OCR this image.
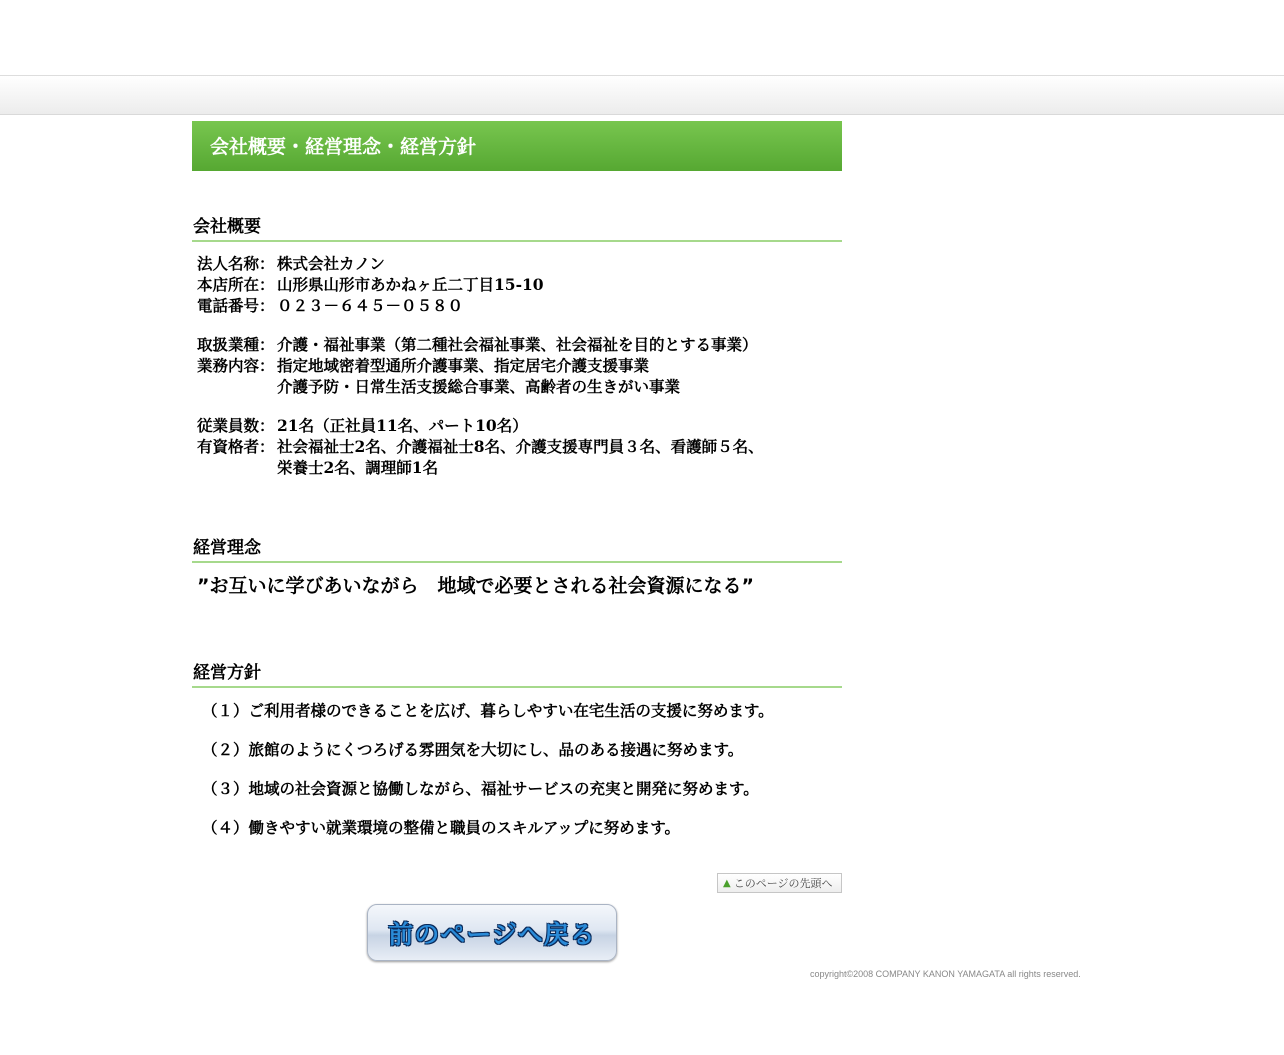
会社概要・経営理念・経営方針
会社概要
法人名称： 株式会社カノン
本店所在： 山形県山形市あかねヶ丘二丁目15-10
電話番号： ０２３－６４５－０５８０
取扱業種： 介護・福祉事業（第二種社会福祉事業、社会福祉を目的とする事業）
業務内容： 指定地域密着型通所介護事業、指定居宅介護支援事業
介護予防・日常生活支援総合事業、高齢者の生きがい事業
従業員数： 21名（正社員11名、パート10名）
有資格者： 社会福祉士2名、介護福祉士8名、介護支援専門員３名、看護師５名、
栄養士2名、調理師1名
経営理念
”お互いに学びあいながら　地域で必要とされる社会資源になる”
経営方針
（１）ご利用者様のできることを広げ、暮らしやすい在宅生活の支援に努めます。
（２）旅館のようにくつろげる雰囲気を大切にし、品のある接遇に努めます。
（３）地域の社会資源と協働しながら、福祉サービスの充実と開発に努めます。
（４）働きやすい就業環境の整備と職員のスキルアップに努めます。
▲ このページの先頭へ
前のページへ戻る
copyright©2008 COMPANY KANON YAMAGATA all rights reserved.
